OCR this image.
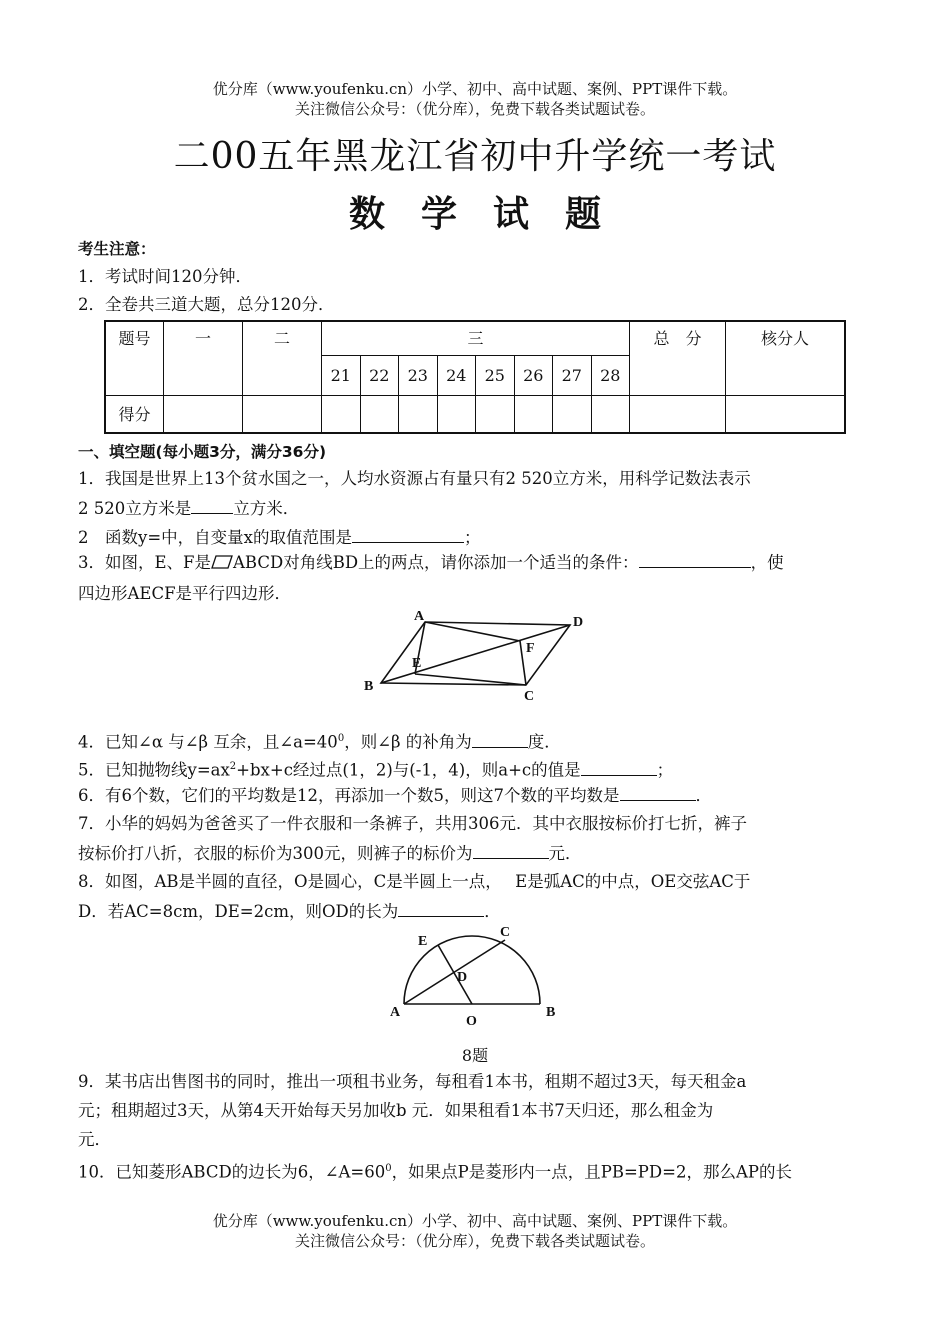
优分库（www.youfenku.cn）小学、初中、高中试题、案例、PPT课件下载。
关注微信公众号：（优分库），免费下载各类试题试卷。
二00五年黑龙江省初中升学统一考试
数学试题
考生注意：
1．考试时间120分钟．
2．全卷共三道大题，总分120分．
题号	一	二	三								总　分	核分人
			21	22	23	24	25	26	27	28		
得分												
一、填空题(每小题3分，满分36分)
1．我国是世界上13个贫水国之一，人均水资源占有量只有2 520立方米，用科学记数法表示
2 520立方米是	立方米．
2　函数y=中，自变量x的取值范围是	；
3．如图，E、F是 ABCD对角线BD上的两点，请你添加一个适当的条件：	，使
四边形AECF是平行四边形．
A
B
C
D
E
F
4．已知∠α 与∠β 互余，且$\angle a=40^0$，则∠β 的补角为	度．
5．已知抛物线$y=ax^2+bx+c$经过点(1，2)与(-1，4)，则a+c的值是	；
6．有6个数，它们的平均数是12，再添加一个数5，则这7个数的平均数是	．
7．小华的妈妈为爸爸买了一件衣服和一条裤子，共用306元．其中衣服按标价打七折，裤子
按标价打八折，衣服的标价为300元，则裤子的标价为	元．
8．如图，AB是半圆的直径，O是圆心，C是半圆上一点，　 E是弧AC的中点，OE交弦AC于
D．若AC=8cm，DE=2cm，则OD的长为	．
A	B
C
D
E
O
8题
9．某书店出售图书的同时，推出一项租书业务，每租看1本书，租期不超过3天，每天租金a
元；租期超过3天，从第4天开始每天另加收b 元．如果租看1本书7天归还，那么租金为
元．
10．已知菱形ABCD的边长为6，$\angle A=60^0$，如果点P是菱形内一点，且PB=PD=2，那么AP的长
优分库（www.youfenku.cn）小学、初中、高中试题、案例、PPT课件下载。
关注微信公众号：（优分库），免费下载各类试题试卷。
